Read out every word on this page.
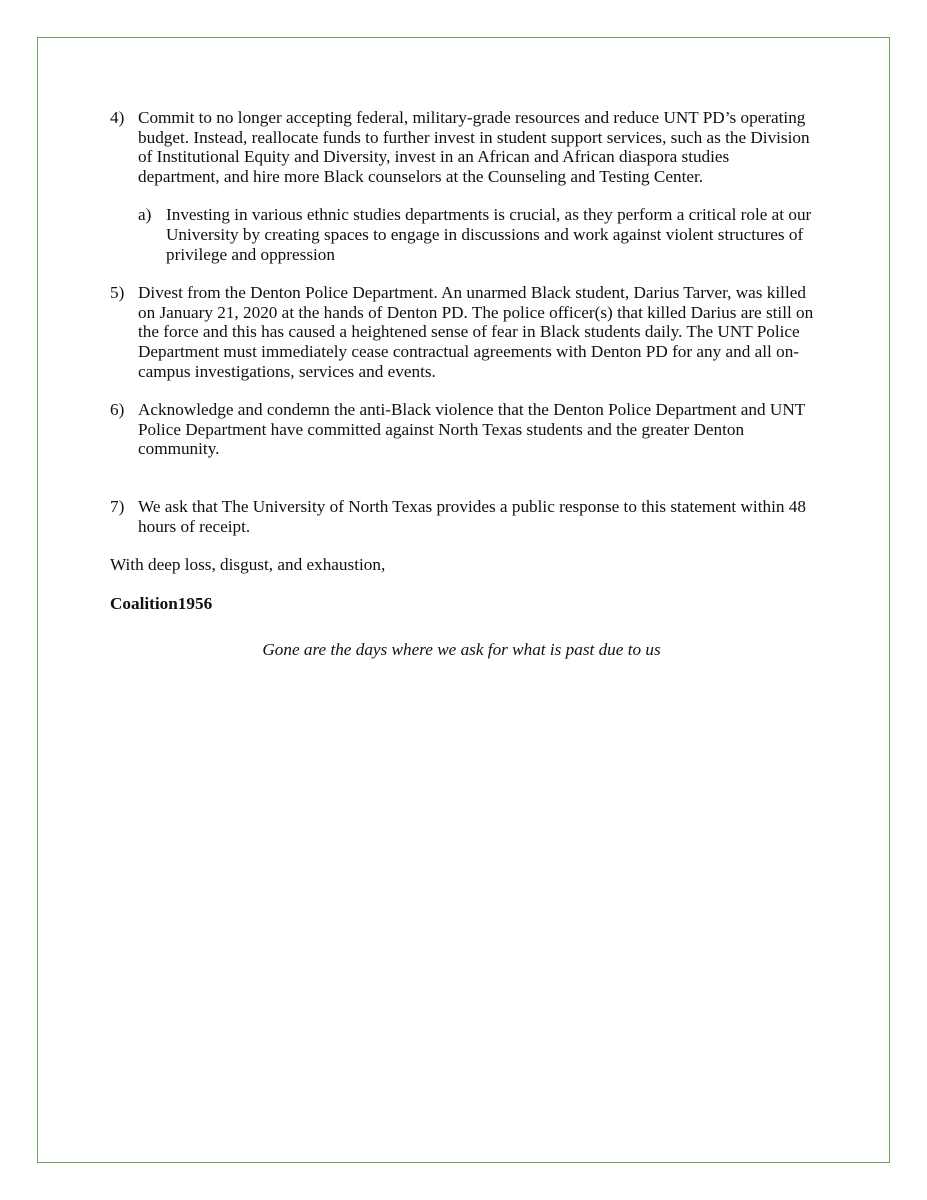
4) Commit to no longer accepting federal, military-grade resources and reduce UNT PD’s operating budget. Instead, reallocate funds to further invest in student support services, such as the Division of Institutional Equity and Diversity, invest in an African and African diaspora studies department, and hire more Black counselors at the Counseling and Testing Center.
a) Investing in various ethnic studies departments is crucial, as they perform a critical role at our University by creating spaces to engage in discussions and work against violent structures of privilege and oppression
5) Divest from the Denton Police Department. An unarmed Black student, Darius Tarver, was killed on January 21, 2020 at the hands of Denton PD. The police officer(s) that killed Darius are still on the force and this has caused a heightened sense of fear in Black students daily. The UNT Police Department must immediately cease contractual agreements with Denton PD for any and all on-campus investigations, services and events.
6) Acknowledge and condemn the anti-Black violence that the Denton Police Department and UNT Police Department have committed against North Texas students and the greater Denton community.
7) We ask that The University of North Texas provides a public response to this statement within 48 hours of receipt.

With deep loss, disgust, and exhaustion,

Coalition1956

Gone are the days where we ask for what is past due to us
